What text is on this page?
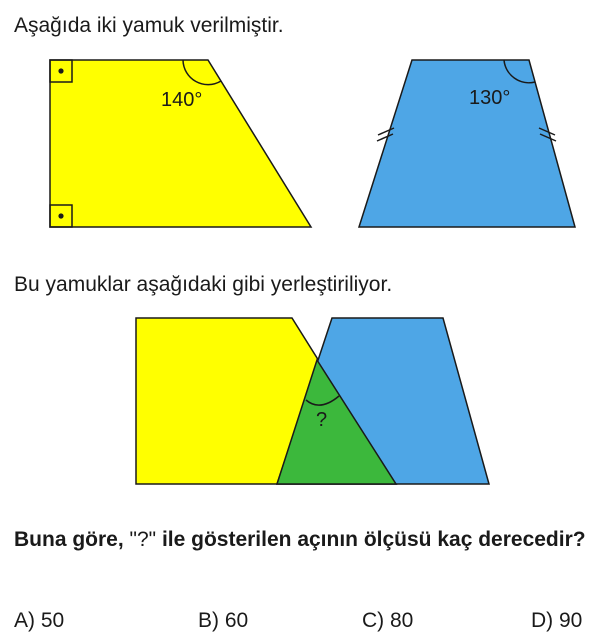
Aşağıda iki yamuk verilmiştir.

140°	130°
?

Bu yamuklar aşağıdaki gibi yerleştiriliyor.

Buna göre, "?" ile gösterilen açının ölçüsü kaç derecedir?

A) 50	B) 60	C) 80	D) 90
